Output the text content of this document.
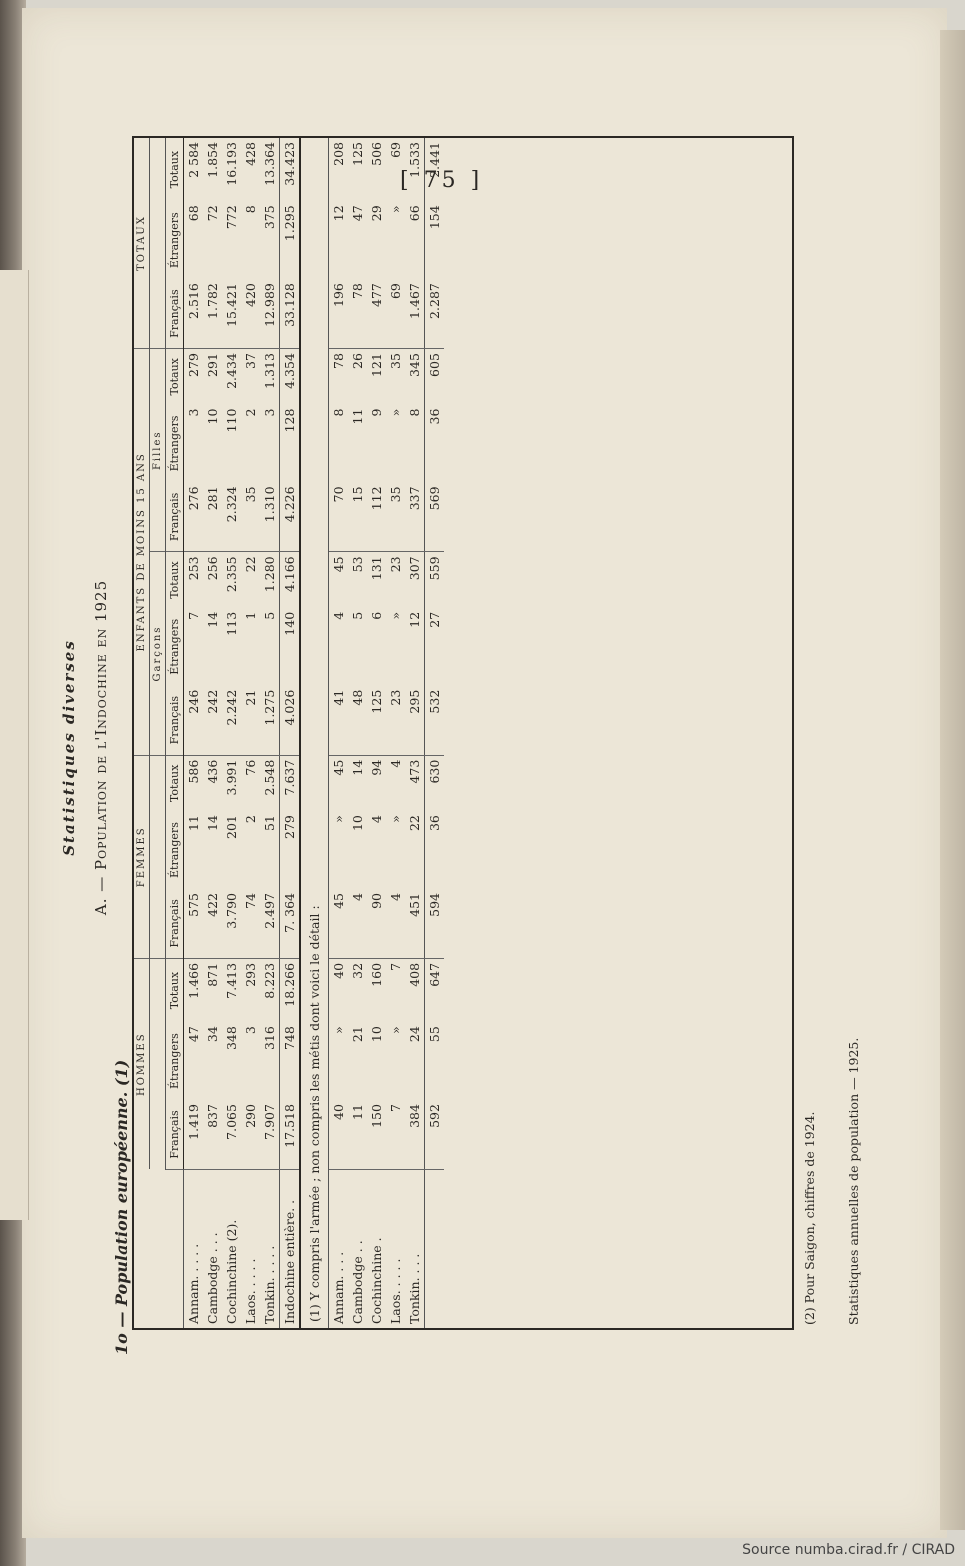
[ 75 ]
Statistiques diverses A. — Population de l'Indochine en 1925
1o — Population européenne. (1)
	HOMMES			FEMMES			ENFANTS DE MOINS 15 ANS						TOTAUX		
							Garçons			Filles					
	Français	Étrangers	Totaux	Français	Étrangers	Totaux	Français	Étrangers	Totaux	Français	Étrangers	Totaux	Français	Étrangers	Totaux
Annam. . . . .	1.419	47	1.466	575	11	586	246	7	253	276	3	279	2.516	68	2 584
Cambodge . . .	837	34	871	422	14	436	242	14	256	281	10	291	1.782	72	1.854
Cochinchine (2).	7.065	348	7.413	3.790	201	3.991	2.242	113	2.355	2.324	110	2.434	15.421	772	16.193
Laos. . . . .	290	3	293	74	2	76	21	1	22	35	2	37	420	8	428
Tonkin. . . . .	7.907	316	8.223	2.497	51	2.548	1.275	5	1.280	1.310	3	1.313	12.989	375	13.364
Indochine entière. .	17.518	748	18.266	7. 364	279	7.637	4.026	140	4.166	4.226	128	4.354	33.128	1.295	34.423
(1) Y compris l'armée ; non compris les métis dont voici le détail :															
Annam. . . .	40	»	40	45	»	45	41	4	45	70	8	78	196	12	208
Cambodge . .	11	21	32	4	10	14	48	5	53	15	11	26	78	47	125
Cochinchine .	150	10	160	90	4	94	125	6	131	112	9	121	477	29	506
Laos. . . . .	7	»	7	4	»	4	23	»	23	35	»	35	69	»	69
Tonkin. . . .	384	24	408	451	22	473	295	12	307	337	8	345	1.467	66	1.533
	592	55	647	594	36	630	532	27	559	569	36	605	2.287	154	2.441
(2) Pour Saigon, chiffres de 1924. Statistiques annuelles de population — 1925.
Source numba.cirad.fr / CIRAD
